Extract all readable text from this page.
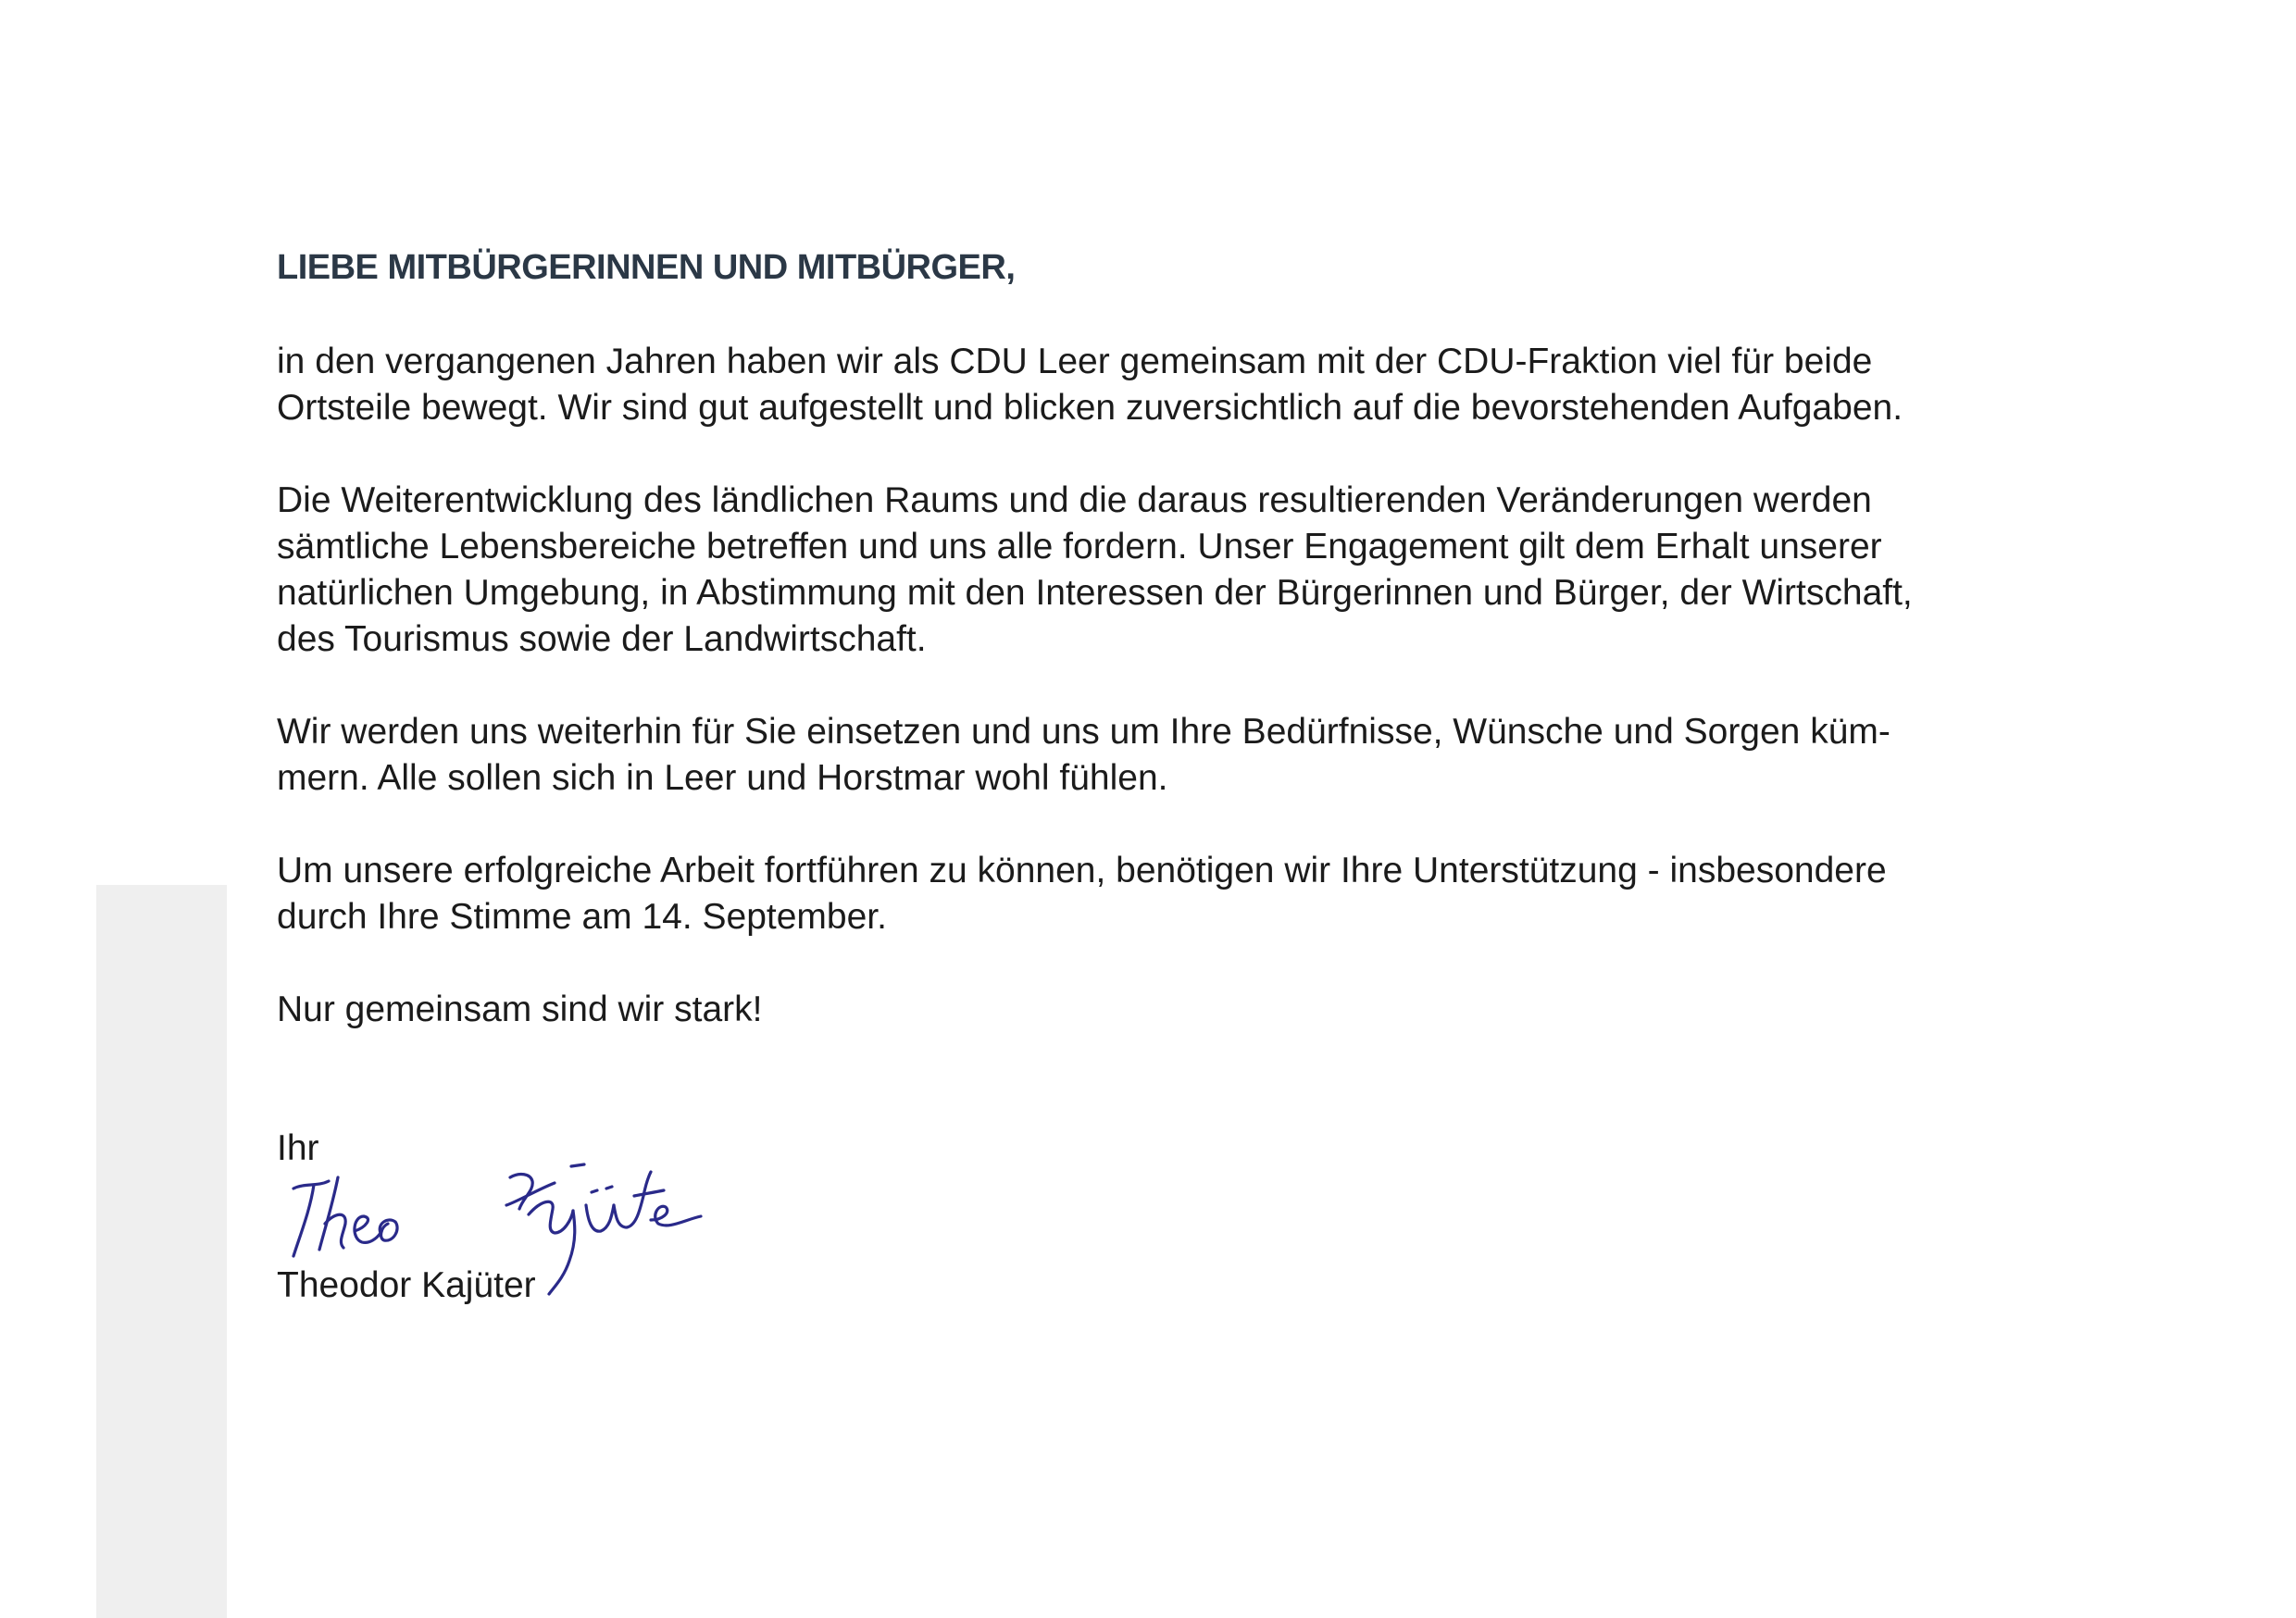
LIEBE MITBÜRGERINNEN UND MITBÜRGER,

in den vergangenen Jahren haben wir als CDU Leer gemeinsam mit der CDU-Fraktion viel für beide
Ortsteile bewegt. Wir sind gut aufgestellt und blicken zuversichtlich auf die bevorstehenden Aufgaben.

Die Weiterentwicklung des ländlichen Raums und die daraus resultierenden Veränderungen werden
sämtliche Lebensbereiche betreffen und uns alle fordern. Unser Engagement gilt dem Erhalt unserer
natürlichen Umgebung, in Abstimmung mit den Interessen der Bürgerinnen und Bürger, der Wirtschaft,
des Tourismus sowie der Landwirtschaft.

Wir werden uns weiterhin für Sie einsetzen und uns um Ihre Bedürfnisse, Wünsche und Sorgen küm-
mern. Alle sollen sich in Leer und Horstmar wohl fühlen.

Um unsere erfolgreiche Arbeit fortführen zu können, benötigen wir Ihre Unterstützung - insbesondere
durch Ihre Stimme am 14. September.

Nur gemeinsam sind wir stark!

Ihr

Theodor Kajüter
